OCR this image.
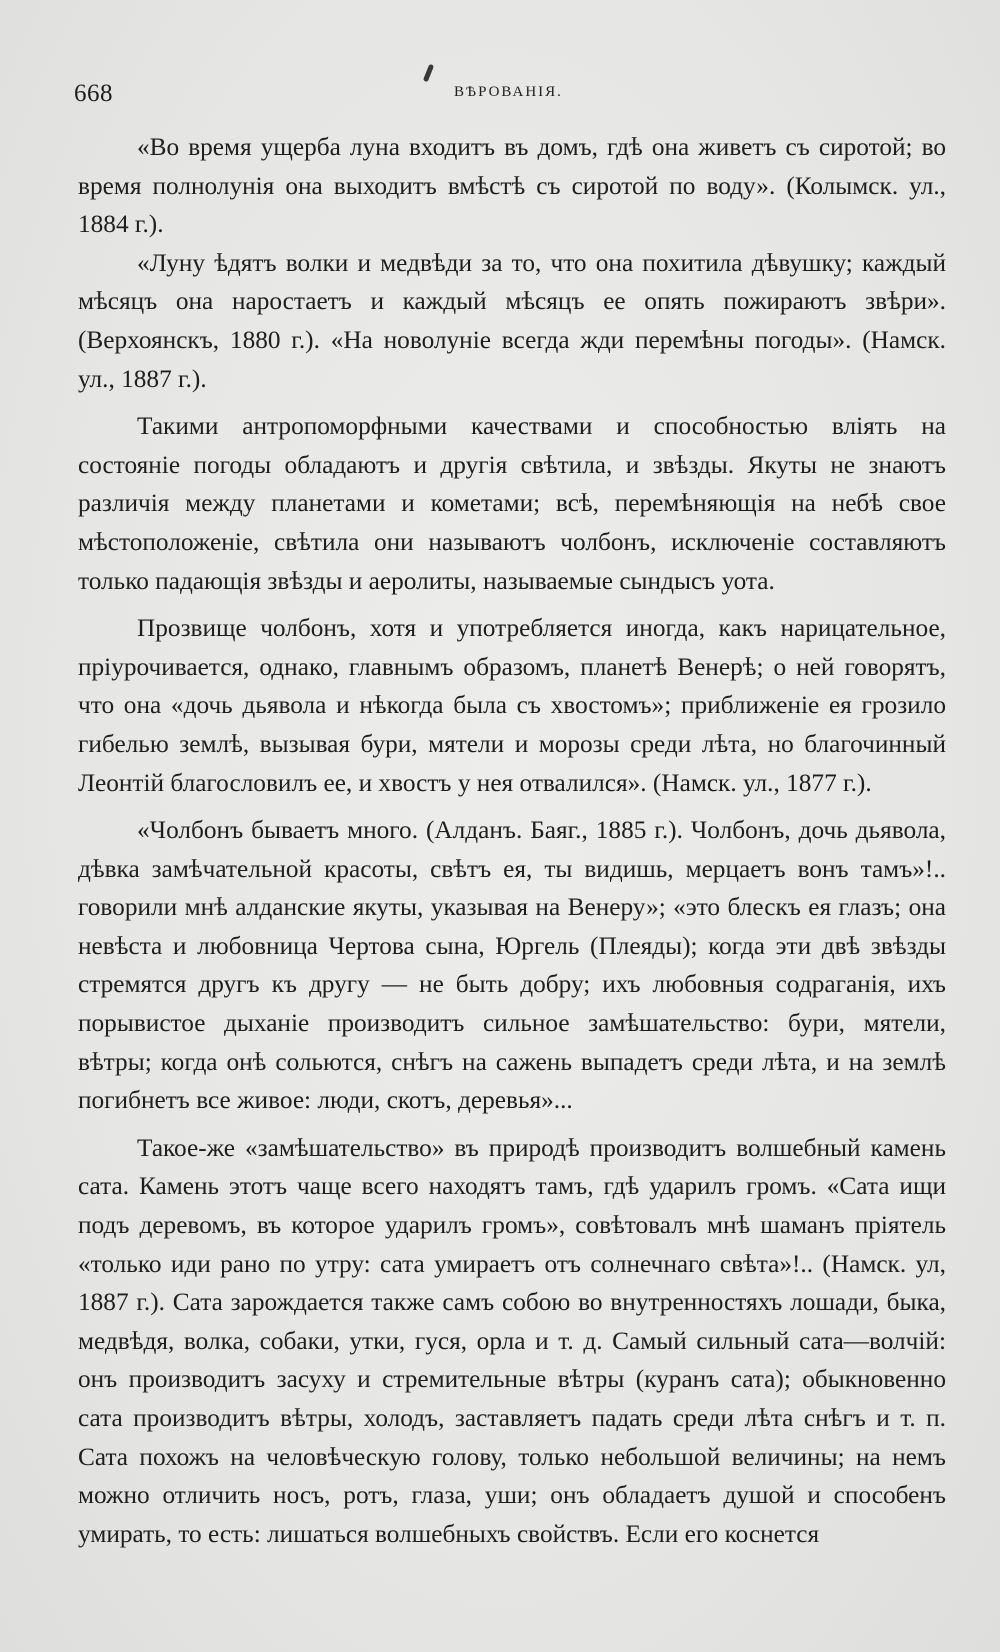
668	ВѢРОВАНІЯ.

«Во время ущерба луна входитъ въ домъ, гдѣ она живетъ съ сиротой; во время полнолунія она выходитъ вмѣстѣ съ сиротой по воду». (Колымск. ул., 1884 г.).

«Луну ѣдятъ волки и медвѣди за то, что она похитила дѣвушку; каждый мѣсяцъ она наростаетъ и каждый мѣсяцъ ее опять пожираютъ звѣри». (Верхоянскъ, 1880 г.). «На новолуніе всегда жди перемѣны погоды». (Намск. ул., 1887 г.).

Такими антропоморфными качествами и способностью вліять на состояніе погоды обладаютъ и другія свѣтила, и звѣзды. Якуты не знаютъ различія между планетами и кометами; всѣ, перемѣняющія на небѣ свое мѣстоположеніе, свѣтила они называютъ чолбонъ, исключеніе составляютъ только падающія звѣзды и аеролиты, называемые сындысъ уота.

Прозвище чолбонъ, хотя и употребляется иногда, какъ нарицательное, пріурочивается, однако, главнымъ образомъ, планетѣ Венерѣ; о ней говорятъ, что она «дочь дьявола и нѣкогда была съ хвостомъ»; приближеніе ея грозило гибелью землѣ, вызывая бури, мятели и морозы среди лѣта, но благочинный Леонтій благословилъ ее, и хвостъ у нея отвалился». (Намск. ул., 1877 г.).

«Чолбонъ бываетъ много. (Алданъ. Баяг., 1885 г.). Чолбонъ, дочь дьявола, дѣвка замѣчательной красоты, свѣтъ ея, ты видишь, мерцаетъ вонъ тамъ»!.. говорили мнѣ алданские якуты, указывая на Венеру»; «это блескъ ея глазъ; она невѣста и любовница Чертова сына, Юргель (Плеяды); когда эти двѣ звѣзды стремятся другъ къ другу — не быть добру; ихъ любовныя содраганія, ихъ порывистое дыханіе производитъ сильное замѣшательство: бури, мятели, вѣтры; когда онѣ сольются, снѣгъ на сажень выпадетъ среди лѣта, и на землѣ погибнетъ все живое: люди, скотъ, деревья»...

Такое-же «замѣшательство» въ природѣ производитъ волшебный камень сата. Камень этотъ чаще всего находятъ тамъ, гдѣ ударилъ громъ. «Сата ищи подъ деревомъ, въ которое ударилъ громъ», совѣтовалъ мнѣ шаманъ пріятель «только иди рано по утру: сата умираетъ отъ солнечнаго свѣта»!.. (Намск. ул, 1887 г.). Сата зарождается также самъ собою во внутренностяхъ лошади, быка, медвѣдя, волка, собаки, утки, гуся, орла и т. д. Самый сильный сата—волчій: онъ производитъ засуху и стремительные вѣтры (куранъ сата); обыкновенно сата производитъ вѣтры, холодъ, заставляетъ падать среди лѣта снѣгъ и т. п. Сата похожъ на человѣческую голову, только небольшой величины; на немъ можно отличить носъ, ротъ, глаза, уши; онъ обладаетъ душой и способенъ умирать, то есть: лишаться волшебныхъ свойствъ. Если его коснется
